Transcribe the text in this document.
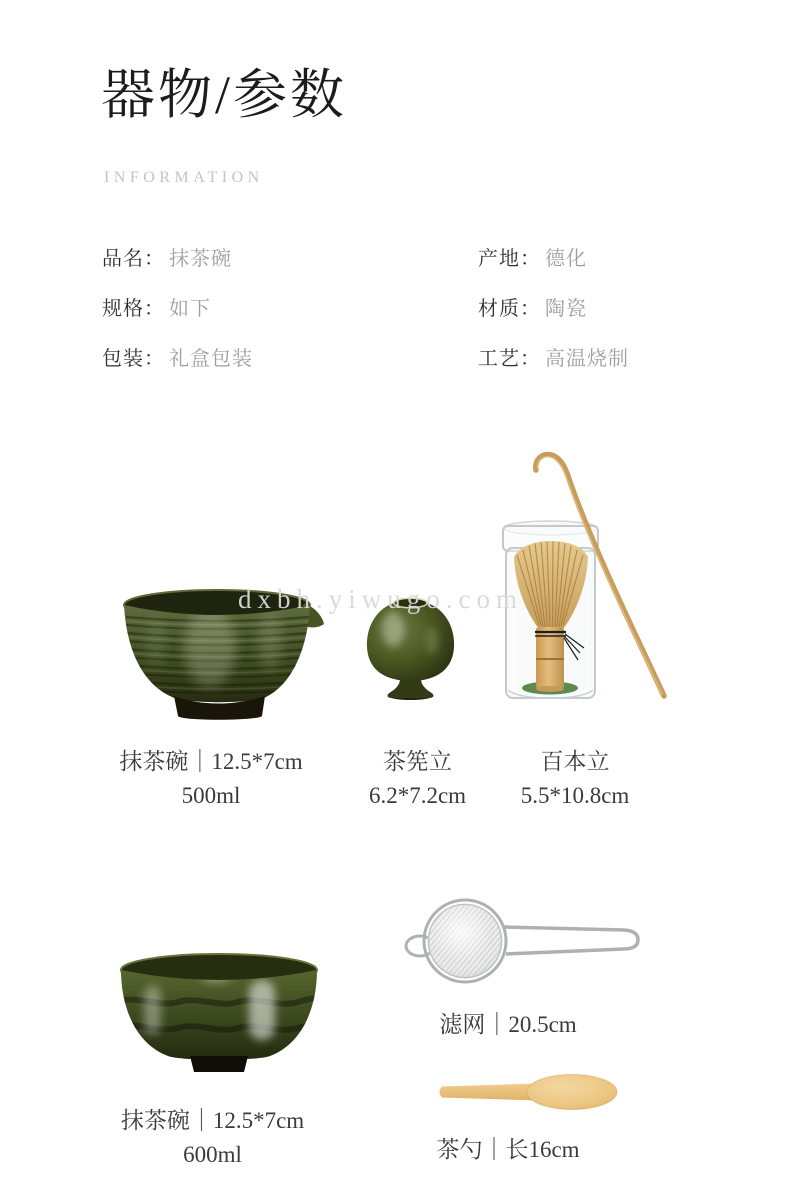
器物/参数
INFORMATION
品名： 抹茶碗
规格： 如下
包装： 礼盒包装
产地： 德化
材质： 陶瓷
工艺： 高温烧制
dxbh.yiwugo.com
抹茶碗｜12.5*7cm
500ml
茶筅立
6.2*7.2cm
百本立
5.5*10.8cm
滤网｜20.5cm
抹茶碗｜12.5*7cm
600ml	茶勺｜长16cm
